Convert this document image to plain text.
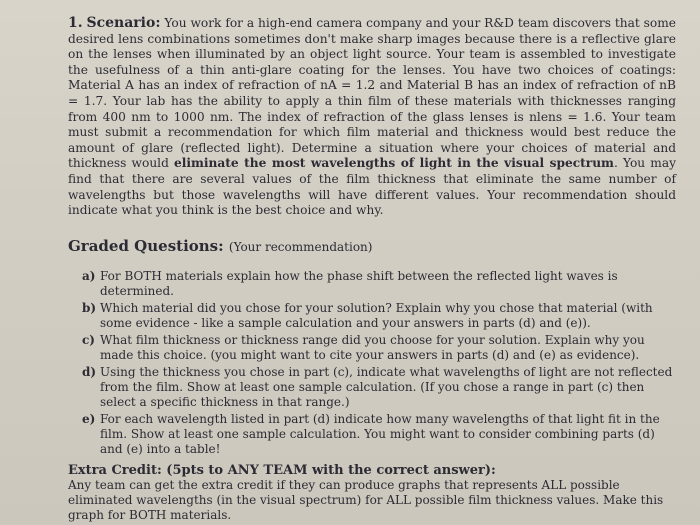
1. Scenario: You work for a high-end camera company and your R&D team discovers that some desired lens combinations sometimes don't make sharp images because there is a reflective glare on the lenses when illuminated by an object light source. Your team is assembled to investigate the usefulness of a thin anti-glare coating for the lenses. You have two choices of coatings: Material A has an index of refraction of nA = 1.2 and Material B has an index of refraction of nB = 1.7. Your lab has the ability to apply a thin film of these materials with thicknesses ranging from 400 nm to 1000 nm. The index of refraction of the glass lenses is nlens = 1.6. Your team must submit a recommendation for which film material and thickness would best reduce the amount of glare (reflected light). Determine a situation where your choices of material and thickness would eliminate the most wavelengths of light in the visual spectrum. You may find that there are several values of the film thickness that eliminate the same number of wavelengths but those wavelengths will have different values. Your recommendation should indicate what you think is the best choice and why.

Graded Questions: (Your recommendation)
a) For BOTH materials explain how the phase shift between the reflected light waves is determined.
b) Which material did you chose for your solution? Explain why you chose that material (with some evidence - like a sample calculation and your answers in parts (d) and (e)).
c) What film thickness or thickness range did you choose for your solution. Explain why you made this choice. (you might want to cite your answers in parts (d) and (e) as evidence).
d) Using the thickness you chose in part (c), indicate what wavelengths of light are not reflected from the film. Show at least one sample calculation. (If you chose a range in part (c) then select a specific thickness in that range.)
e) For each wavelength listed in part (d) indicate how many wavelengths of that light fit in the film. Show at least one sample calculation. You might want to consider combining parts (d) and (e) into a table!
Extra Credit: (5pts to ANY TEAM with the correct answer):

Any team can get the extra credit if they can produce graphs that represents ALL possible eliminated wavelengths (in the visual spectrum) for ALL possible film thickness values. Make this graph for BOTH materials.
